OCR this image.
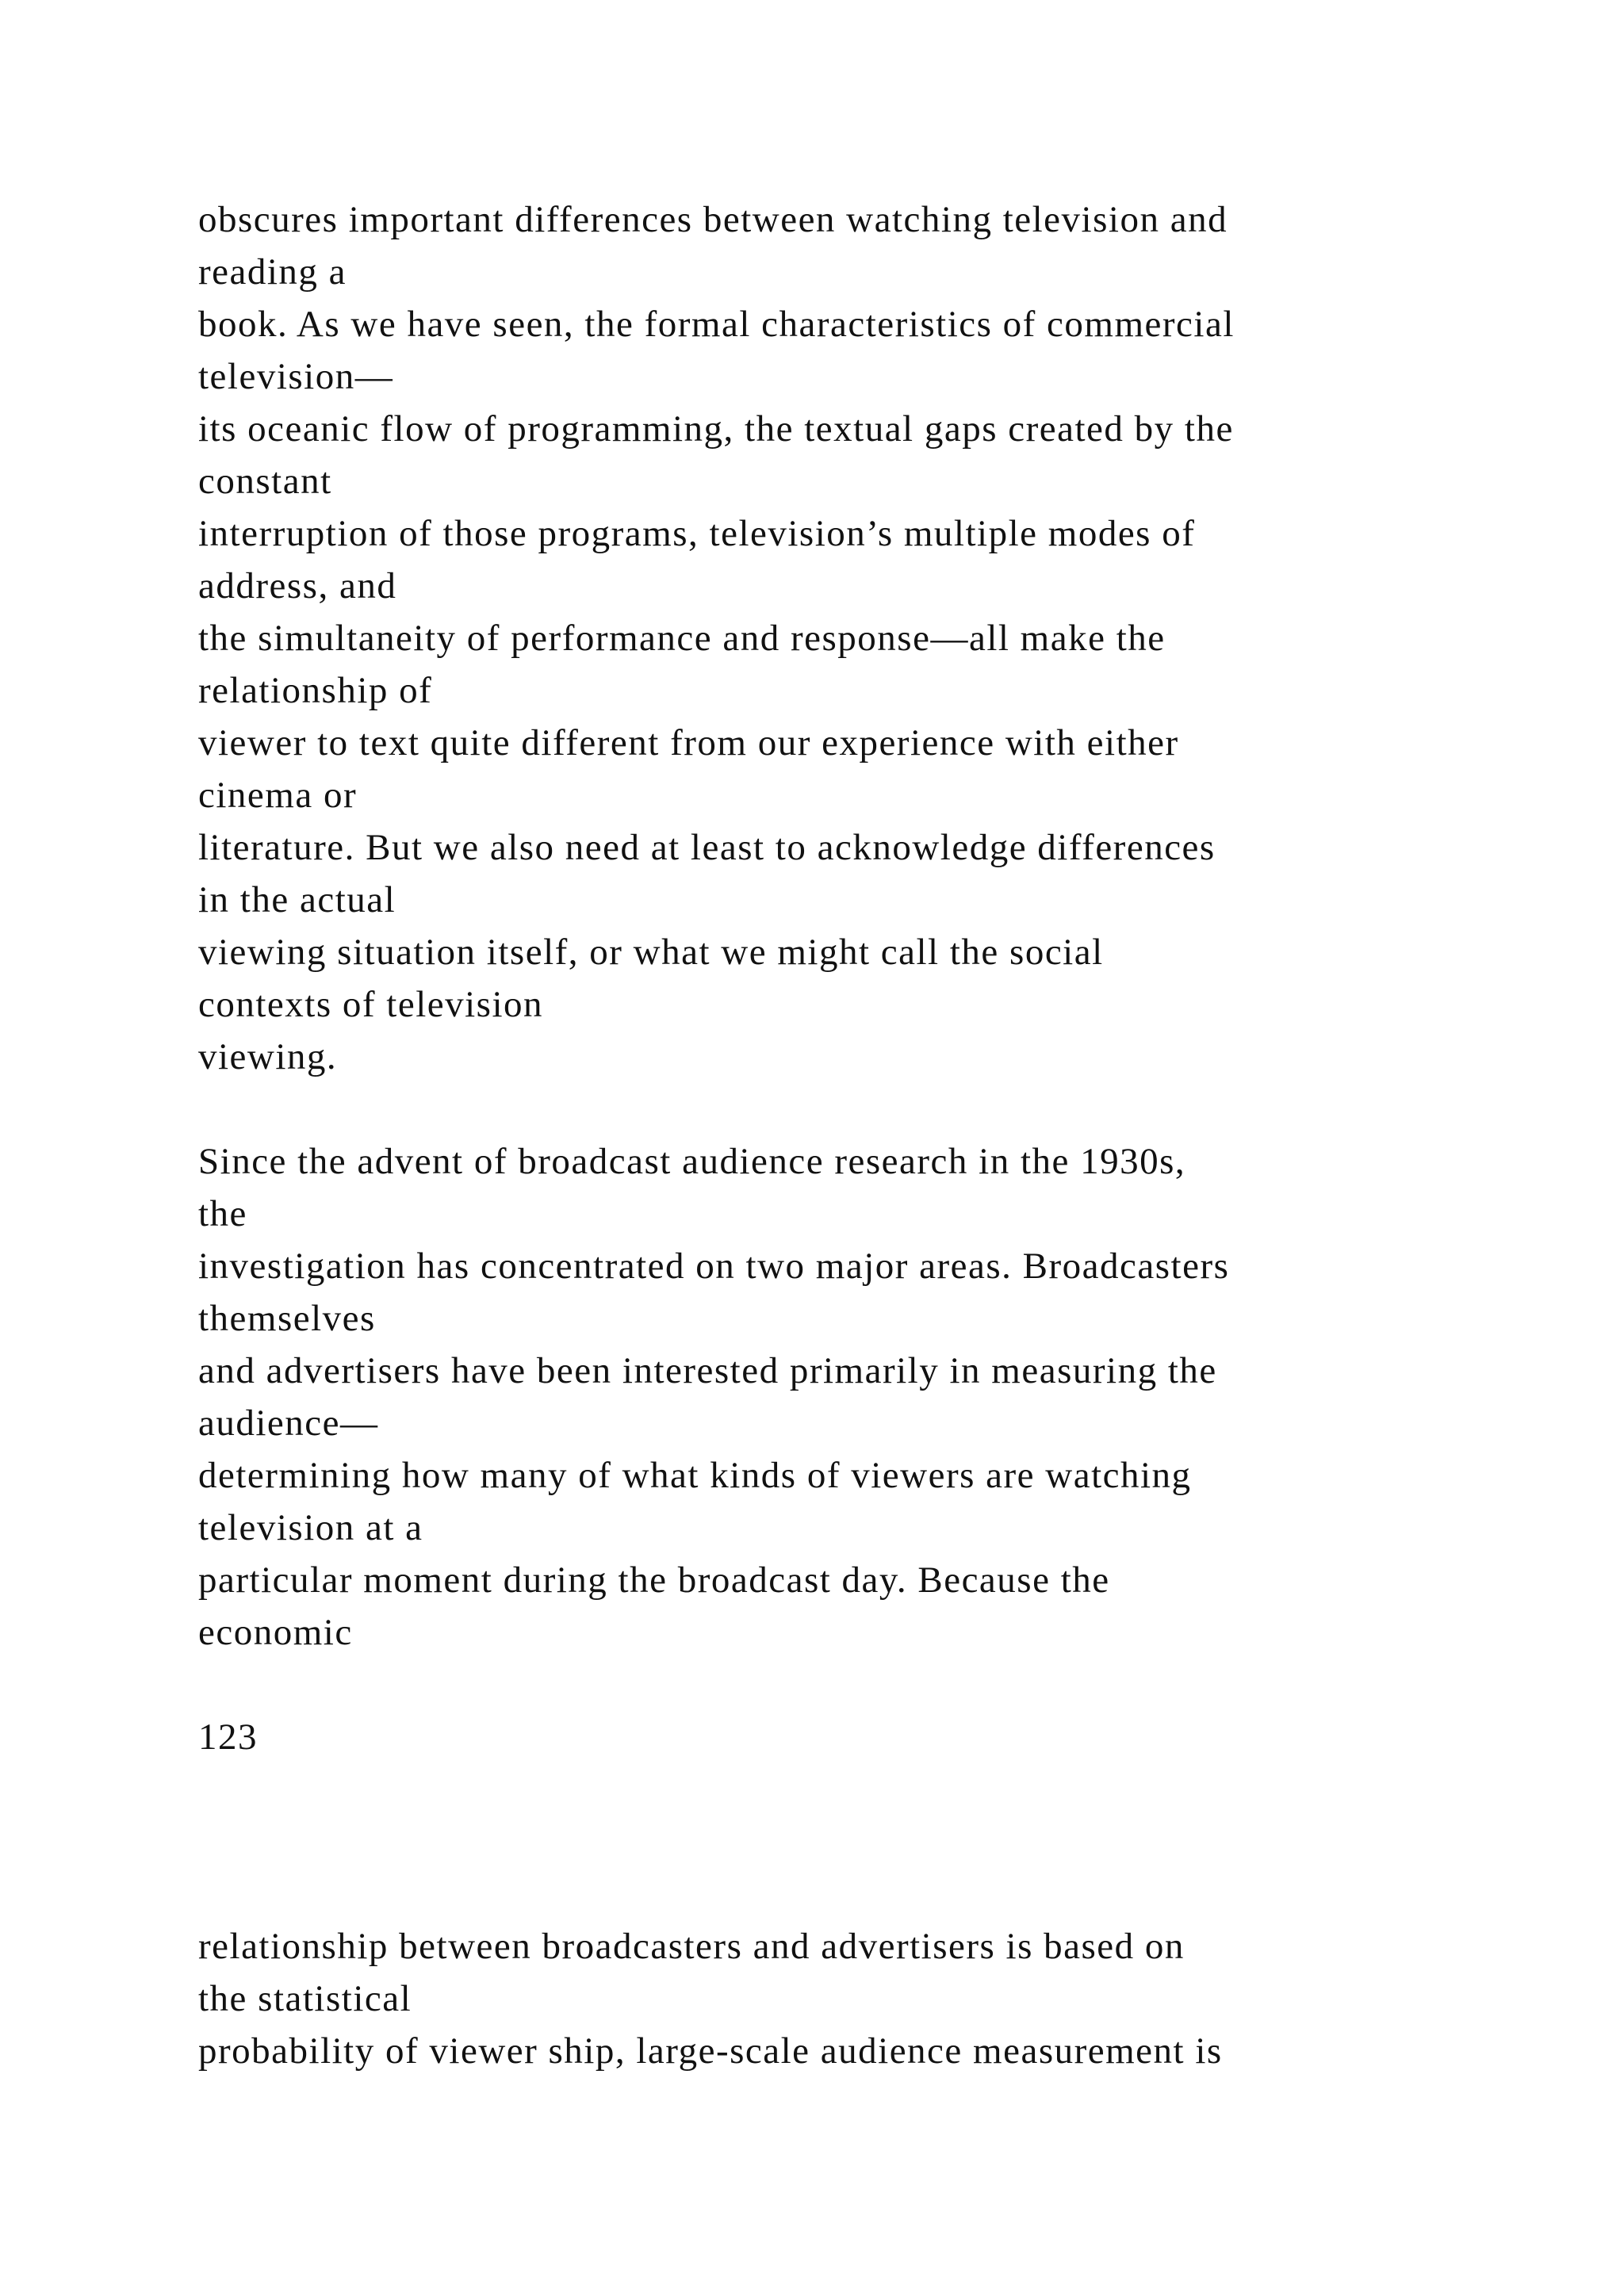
obscures important differences between watching television and

reading a

book. As we have seen, the formal characteristics of commercial

television—

its oceanic flow of programming, the textual gaps created by the

constant

interruption of those programs, television’s multiple modes of

address, and

the simultaneity of performance and response—all make the

relationship of

viewer to text quite different from our experience with either

cinema or

literature. But we also need at least to acknowledge differences

in the actual

viewing situation itself, or what we might call the social

contexts of television

viewing.

Since the advent of broadcast audience research in the 1930s,

the

investigation has concentrated on two major areas. Broadcasters

themselves

and advertisers have been interested primarily in measuring the

audience—

determining how many of what kinds of viewers are watching

television at a

particular moment during the broadcast day. Because the

economic

123

relationship between broadcasters and advertisers is based on

the statistical

probability of viewer ship, large-scale audience measurement is
